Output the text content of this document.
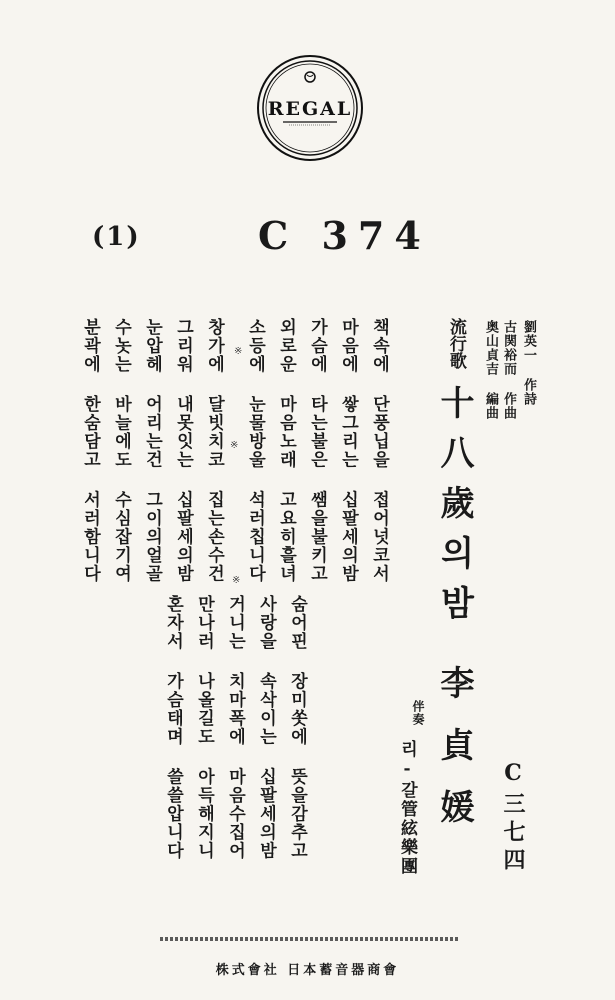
REGAL
(1)	C 374
流行歌
十八歲의밤
劉英一 作詩
古関裕而 作曲
奥山貞吉 編曲
李貞媛
伴奏
리-갈管絃樂團	C三七四
책속에 단풍닙을 접어넛코서
마음에 쌓그리는 십팔세의밤
가슴에 타는불은 쌤을불키고
외로운 마음노래 고요히흘녀
소등에 눈물방울 석러칩니다
※
※
※
창가에 달빗치코 집는손수건
그리워 내못잇는 십팔세의밤
눈압헤 어리는건 그이의얼골
수놋는 바늘에도 수심잡기여
분곽에 한숨담고 서러함니다
숨어핀 장미쏫에 뜻을감추고
사랑을 속삭이는 십팔세의밤
거니는 치마폭에 마음수집어
만나러 나올길도 아득해지니
혼자서 가슴태며 쓸쓸압니다
株式會社 日本蓄音器商會
